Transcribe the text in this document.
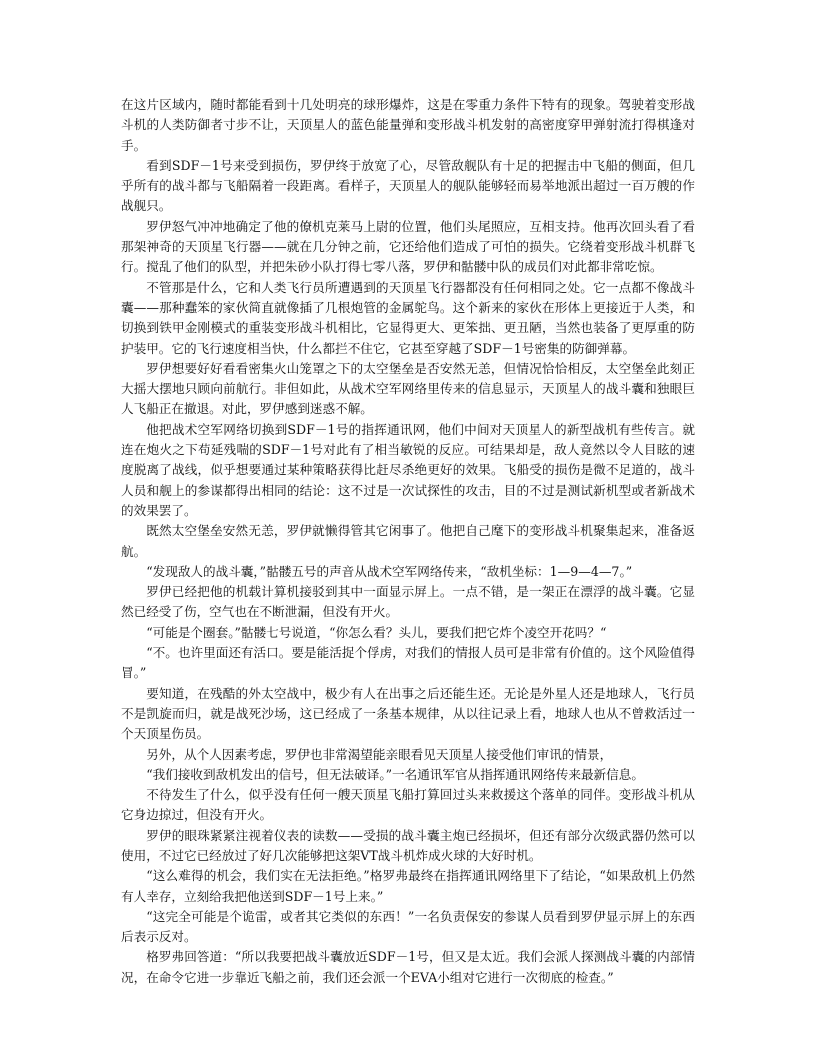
在这片区域内，随时都能看到十几处明亮的球形爆炸，这是在零重力条件下特有的现象。驾驶着变形战斗机的人类防御者寸步不让，天顶星人的蓝色能量弹和变形战斗机发射的高密度穿甲弹射流打得棋逢对手。

看到SDF－1号来受到损伤，罗伊终于放宽了心，尽管敌舰队有十足的把握击中飞船的侧面，但几乎所有的战斗都与飞船隔着一段距离。看样子，天顶星人的舰队能够轻而易举地派出超过一百万艘的作战舰只。

罗伊怒气冲冲地确定了他的僚机克莱马上尉的位置，他们头尾照应，互相支持。他再次回头看了看那架神奇的天顶星飞行器——就在几分钟之前，它还给他们造成了可怕的损失。它绕着变形战斗机群飞行。搅乱了他们的队型，并把朱砂小队打得七零八落，罗伊和骷髅中队的成员们对此都非常吃惊。

不管那是什么，它和人类飞行员所遭遇到的天顶星飞行器都没有任何相同之处。它一点都不像战斗囊——那种蠢笨的家伙简直就像插了几根炮管的金属鸵鸟。这个新来的家伙在形体上更接近于人类，和切换到铁甲金刚模式的重装变形战斗机相比，它显得更大、更笨拙、更丑陋，当然也装备了更厚重的防护装甲。它的飞行速度相当快，什么都拦不住它，它甚至穿越了SDF－1号密集的防御弹幕。

罗伊想要好好看看密集火山笼罩之下的太空堡垒是否安然无恙，但情况恰恰相反，太空堡垒此刻正大摇大摆地只顾向前航行。非但如此，从战术空军网络里传来的信息显示，天顶星人的战斗囊和独眼巨人飞船正在撤退。对此，罗伊感到迷惑不解。

他把战术空军网络切换到SDF－1号的指挥通讯网，他们中间对天顶星人的新型战机有些传言。就连在炮火之下苟延残喘的SDF－1号对此有了相当敏锐的反应。可结果却是，敌人竟然以令人目眩的速度脱离了战线，似乎想要通过某种策略获得比赶尽杀绝更好的效果。飞船受的损伤是微不足道的，战斗人员和舰上的参谋都得出相同的结论：这不过是一次试探性的攻击，目的不过是测试新机型或者新战术的效果罢了。

既然太空堡垒安然无恙，罗伊就懒得管其它闲事了。他把自己麾下的变形战斗机聚集起来，准备返航。

“发现敌人的战斗囊，”骷髅五号的声音从战术空军网络传来，“敌机坐标：1—9—4—7。”

罗伊已经把他的机载计算机接驳到其中一面显示屏上。一点不错，是一架正在漂浮的战斗囊。它显然已经受了伤，空气也在不断泄漏，但没有开火。

“可能是个圈套。”骷髅七号说道，“你怎么看？头儿，要我们把它炸个凌空开花吗？“

“不。也许里面还有活口。要是能活捉个俘虏，对我们的情报人员可是非常有价值的。这个风险值得冒。”

要知道，在残酷的外太空战中，极少有人在出事之后还能生还。无论是外星人还是地球人，飞行员不是凯旋而归，就是战死沙场，这已经成了一条基本规律，从以往记录上看，地球人也从不曾救活过一个天顶星伤员。

另外，从个人因素考虑，罗伊也非常渴望能亲眼看见天顶星人接受他们审讯的情景，

“我们接收到敌机发出的信号，但无法破译。”一名通讯军官从指挥通讯网络传来最新信息。

不待发生了什么，似乎没有任何一艘天顶星飞船打算回过头来救援这个落单的同伴。变形战斗机从它身边掠过，但没有开火。

罗伊的眼珠紧紧注视着仪表的读数——受损的战斗囊主炮已经损坏，但还有部分次级武器仍然可以使用，不过它已经放过了好几次能够把这架VT战斗机炸成火球的大好时机。

“这么难得的机会，我们实在无法拒绝。”格罗弗最终在指挥通讯网络里下了结论，“如果敌机上仍然有人幸存，立刻给我把他送到SDF－1号上来。”

“这完全可能是个诡雷，或者其它类似的东西！”一名负责保安的参谋人员看到罗伊显示屏上的东西后表示反对。

格罗弗回答道：“所以我要把战斗囊放近SDF－1号，但又是太近。我们会派人探测战斗囊的内部情况，在命令它进一步靠近飞船之前，我们还会派一个EVA小组对它进行一次彻底的检查。”
